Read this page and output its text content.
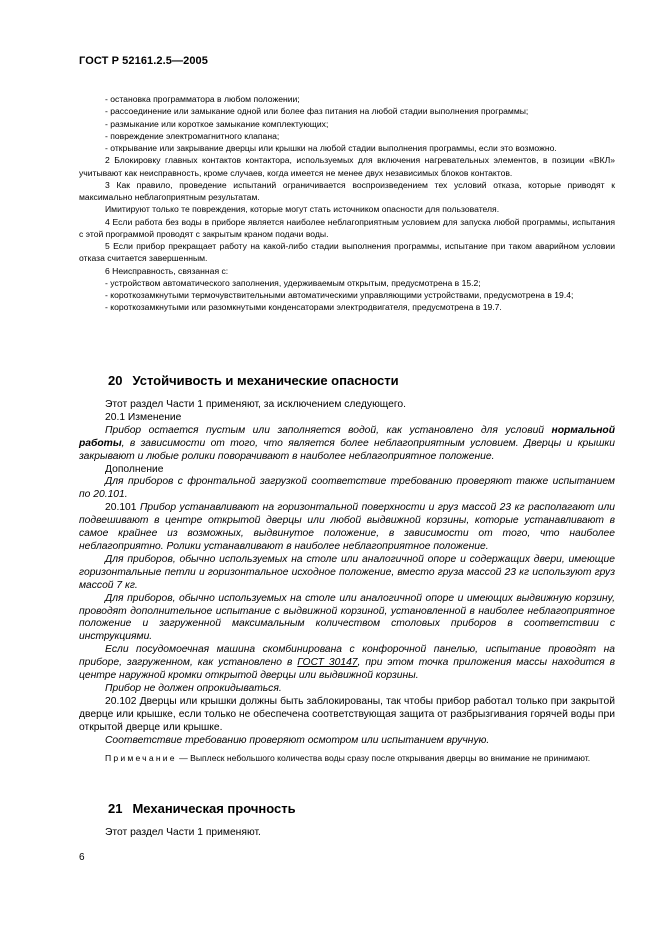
ГОСТ Р 52161.2.5—2005

- остановка программатора в любом положении;

- рассоединение или замыкание одной или более фаз питания на любой стадии выполнения программы;

- размыкание или короткое замыкание комплектующих;

- повреждение электромагнитного клапана;

- открывание или закрывание дверцы или крышки на любой стадии выполнения программы, если это возможно.

2 Блокировку главных контактов контактора, используемых для включения нагревательных элементов, в позиции «ВКЛ» учитывают как неисправность, кроме случаев, когда имеется не менее двух независимых блоков контактов.

3 Как правило, проведение испытаний ограничивается воспроизведением тех условий отказа, которые приводят к максимально неблагоприятным результатам.

Имитируют только те повреждения, которые могут стать источником опасности для пользователя.

4 Если работа без воды в приборе является наиболее неблагоприятным условием для запуска любой программы, испытания с этой программой проводят с закрытым краном подачи воды.

5 Если прибор прекращает работу на какой-либо стадии выполнения программы, испытание при таком аварийном условии отказа считается завершенным.

6 Неисправность, связанная с:

- устройством автоматического заполнения, удерживаемым открытым, предусмотрена в 15.2;

- короткозамкнутыми термочувствительными автоматическими управляющими устройствами, предусмотрена в 19.4;

- короткозамкнутыми или разомкнутыми конденсаторами электродвигателя, предусмотрена в 19.7.

20 Устойчивость и механические опасности

Этот раздел Части 1 применяют, за исключением следующего.

20.1 Изменение

Прибор остается пустым или заполняется водой, как установлено для условий нормальной работы, в зависимости от того, что является более неблагоприятным условием. Дверцы и крышки закрывают и любые ролики поворачивают в наиболее неблагоприятное положение.

Дополнение

Для приборов с фронтальной загрузкой соответствие требованию проверяют также испытанием по 20.101.

20.101 Прибор устанавливают на горизонтальной поверхности и груз массой 23 кг располагают или подвешивают в центре открытой дверцы или любой выдвижной корзины, которые устанавливают в самое крайнее из возможных, выдвинутое положение, в зависимости от того, что наиболее неблагоприятно. Ролики устанавливают в наиболее неблагоприятное положение.

Для приборов, обычно используемых на столе или аналогичной опоре и содержащих двери, имеющие горизонтальные петли и горизонтальное исходное положение, вместо груза массой 23 кг используют груз массой 7 кг.

Для приборов, обычно используемых на столе или аналогичной опоре и имеющих выдвижную корзину, проводят дополнительное испытание с выдвижной корзиной, установленной в наиболее неблагоприятное положение и загруженной максимальным количеством столовых приборов в соответствии с инструкциями.

Если посудомоечная машина скомбинирована с конфорочной панелью, испытание проводят на приборе, загруженном, как установлено в ГОСТ 30147, при этом точка приложения массы находится в центре наружной кромки открытой дверцы или выдвижной корзины.

Прибор не должен опрокидываться.

20.102 Дверцы или крышки должны быть заблокированы, так чтобы прибор работал только при закрытой дверце или крышке, если только не обеспечена соответствующая защита от разбрызгивания горячей воды при открытой дверце или крышке.

Соответствие требованию проверяют осмотром или испытанием вручную.

Примечание — Выплеск небольшого количества воды сразу после открывания дверцы во внимание не принимают.

21 Механическая прочность

Этот раздел Части 1 применяют.

6
